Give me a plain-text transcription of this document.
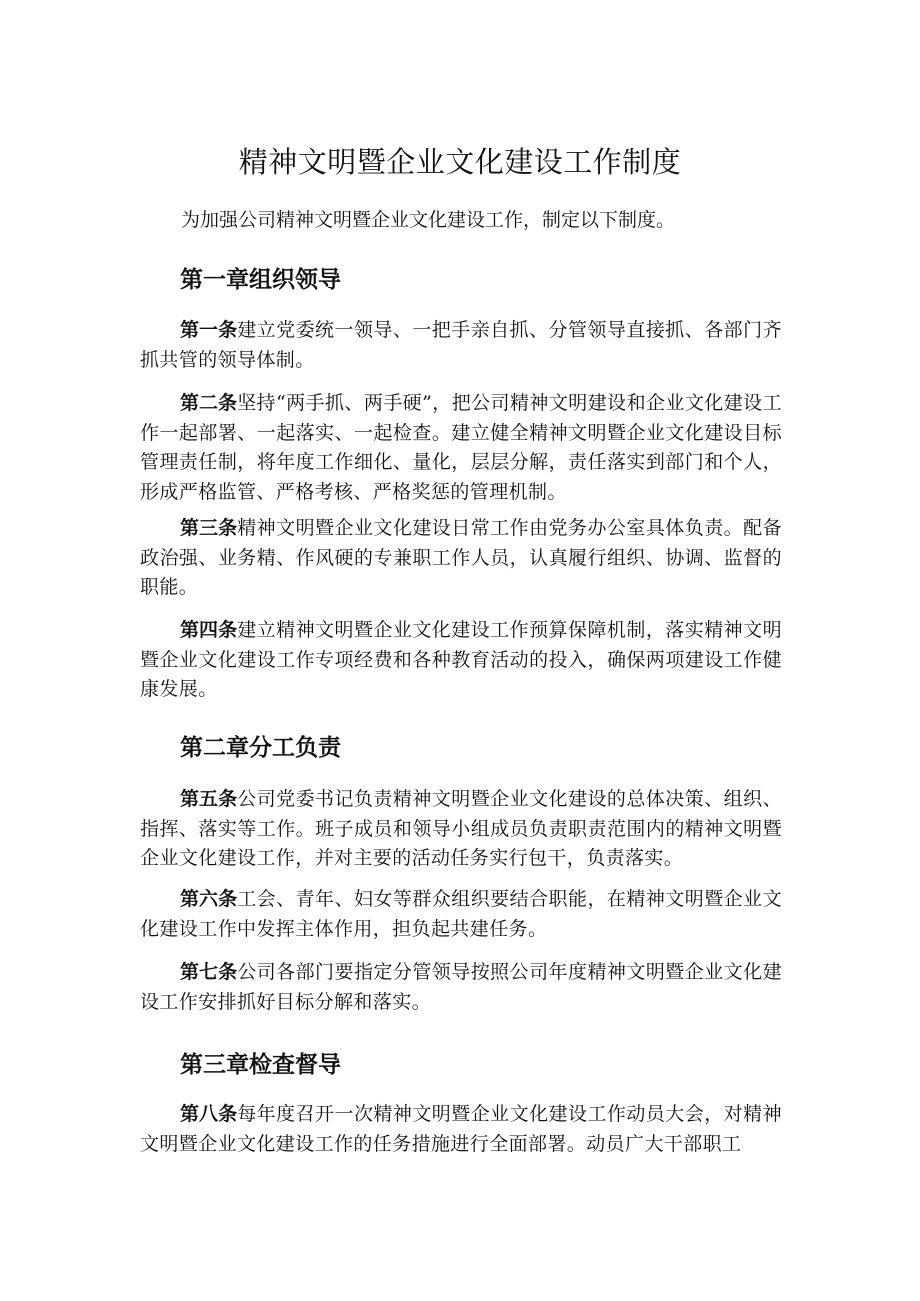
精神文明暨企业文化建设工作制度

为加强公司精神文明暨企业文化建设工作，制定以下制度。

第一章组织领导

第一条建立党委统一领导、一把手亲自抓、分管领导直接抓、各部门齐抓共管的领导体制。

第二条坚持“两手抓、两手硬”，把公司精神文明建设和企业文化建设工作一起部署、一起落实、一起检查。建立健全精神文明暨企业文化建设目标管理责任制，将年度工作细化、量化，层层分解，责任落实到部门和个人，形成严格监管、严格考核、严格奖惩的管理机制。

第三条精神文明暨企业文化建设日常工作由党务办公室具体负责。配备政治强、业务精、作风硬的专兼职工作人员，认真履行组织、协调、监督的职能。

第四条建立精神文明暨企业文化建设工作预算保障机制，落实精神文明暨企业文化建设工作专项经费和各种教育活动的投入，确保两项建设工作健康发展。

第二章分工负责

第五条公司党委书记负责精神文明暨企业文化建设的总体决策、组织、指挥、落实等工作。班子成员和领导小组成员负责职责范围内的精神文明暨企业文化建设工作，并对主要的活动任务实行包干，负责落实。

第六条工会、青年、妇女等群众组织要结合职能，在精神文明暨企业文化建设工作中发挥主体作用，担负起共建任务。

第七条公司各部门要指定分管领导按照公司年度精神文明暨企业文化建设工作安排抓好目标分解和落实。

第三章检查督导

第八条每年度召开一次精神文明暨企业文化建设工作动员大会，对精神文明暨企业文化建设工作的任务措施进行全面部署。动员广大干部职工
